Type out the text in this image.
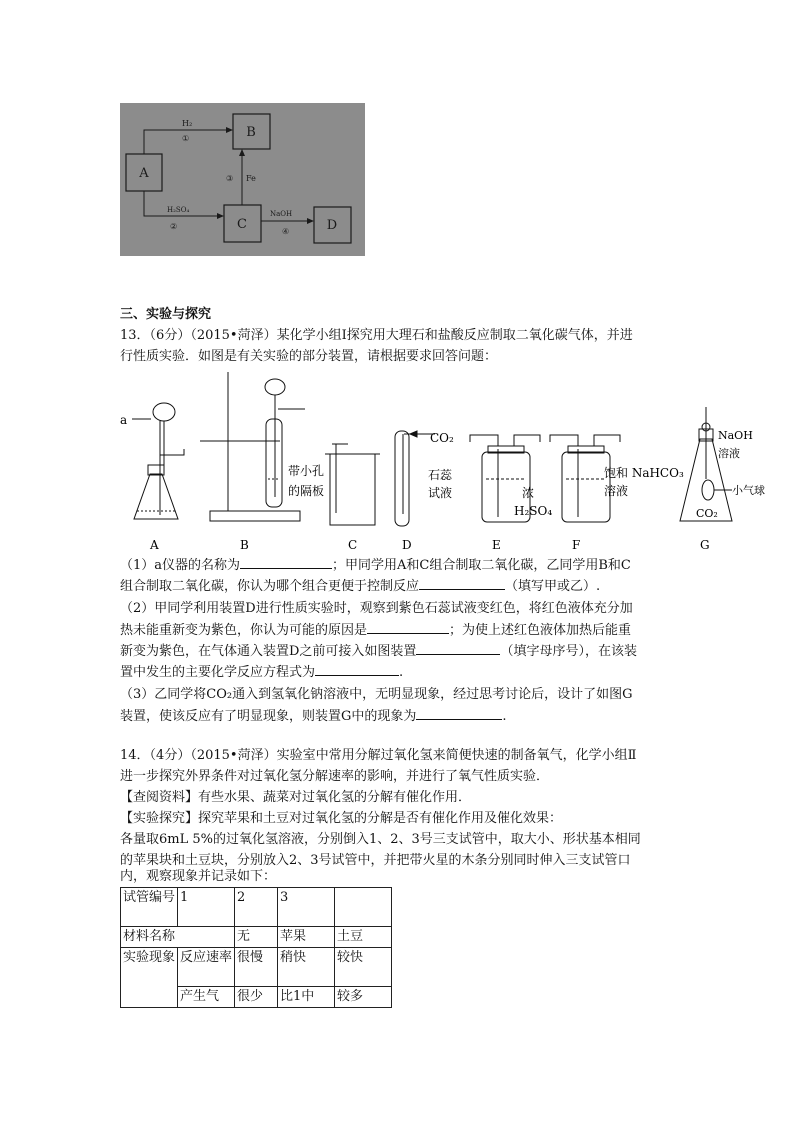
A
B
C	D
H₂
①
H₂SO₄
②
③ Fe
NaOH
④
三、实验与探究
13．（6分）（2015•菏泽）某化学小组Ⅰ探究用大理石和盐酸反应制取二氧化碳气体，并进
行性质实验．如图是有关实验的部分装置，请根据要求回答问题：
a
带小孔
的隔板
CO₂
石蕊
试液	浓
H₂SO₄
饱和 NaHCO₃
溶液
NaOH
溶液
小气球
CO₂
A	B	C	D	E	F	G
（1）a仪器的名称为	；甲同学用A和C组合制取二氧化碳，乙同学用B和C
组合制取二氧化碳，你认为哪个组合更便于控制反应	（填写甲或乙）.
（2）甲同学利用装置D进行性质实验时，观察到紫色石蕊试液变红色，将红色液体充分加
热未能重新变为紫色，你认为可能的原因是	；为使上述红色液体加热后能重
新变为紫色，在气体通入装置D之前可接入如图装置	（填字母序号），在该装
置中发生的主要化学反应方程式为	.
（3）乙同学将CO₂通入到氢氧化钠溶液中，无明显现象，经过思考讨论后，设计了如图G
装置，使该反应有了明显现象，则装置G中的现象为	.
14．（4分）（2015•菏泽）实验室中常用分解过氧化氢来简便快速的制备氧气，化学小组Ⅱ
进一步探究外界条件对过氧化氢分解速率的影响，并进行了氧气性质实验．
【查阅资料】有些水果、蔬菜对过氧化氢的分解有催化作用．
【实验探究】探究苹果和土豆对过氧化氢的分解是否有催化作用及催化效果：
各量取6mL 5%的过氧化氢溶液，分别倒入1、2、3号三支试管中，取大小、形状基本相同
的苹果块和土豆块，分别放入2、3号试管中，并把带火星的木条分别同时伸入三支试管口
内，观察现象并记录如下：
试管编号	1	2	3	
材料名称		无	苹果	土豆
实验现象	反应速率	很慢	稍快	较快
	产生气	很少	比1中	较多
